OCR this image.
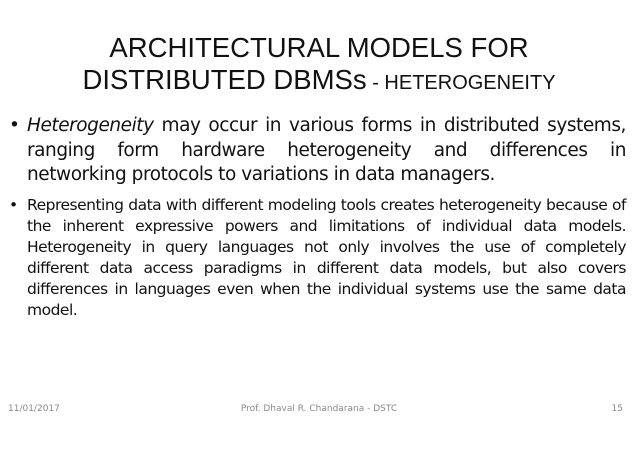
ARCHITECTURAL MODELS FOR
DISTRIBUTED DBMSs - HETEROGENEITY
• Heterogeneity may occur in various forms in distributed systems, ranging form hardware heterogeneity and differences in networking protocols to variations in data managers.
• Representing data with different modeling tools creates heterogeneity because of the inherent expressive powers and limitations of individual data models. Heterogeneity in query languages not only involves the use of completely different data access paradigms in different data models, but also covers differences in languages even when the individual systems use the same data model.
11/01/2017	Prof. Dhaval R. Chandarana - DSTC	15
